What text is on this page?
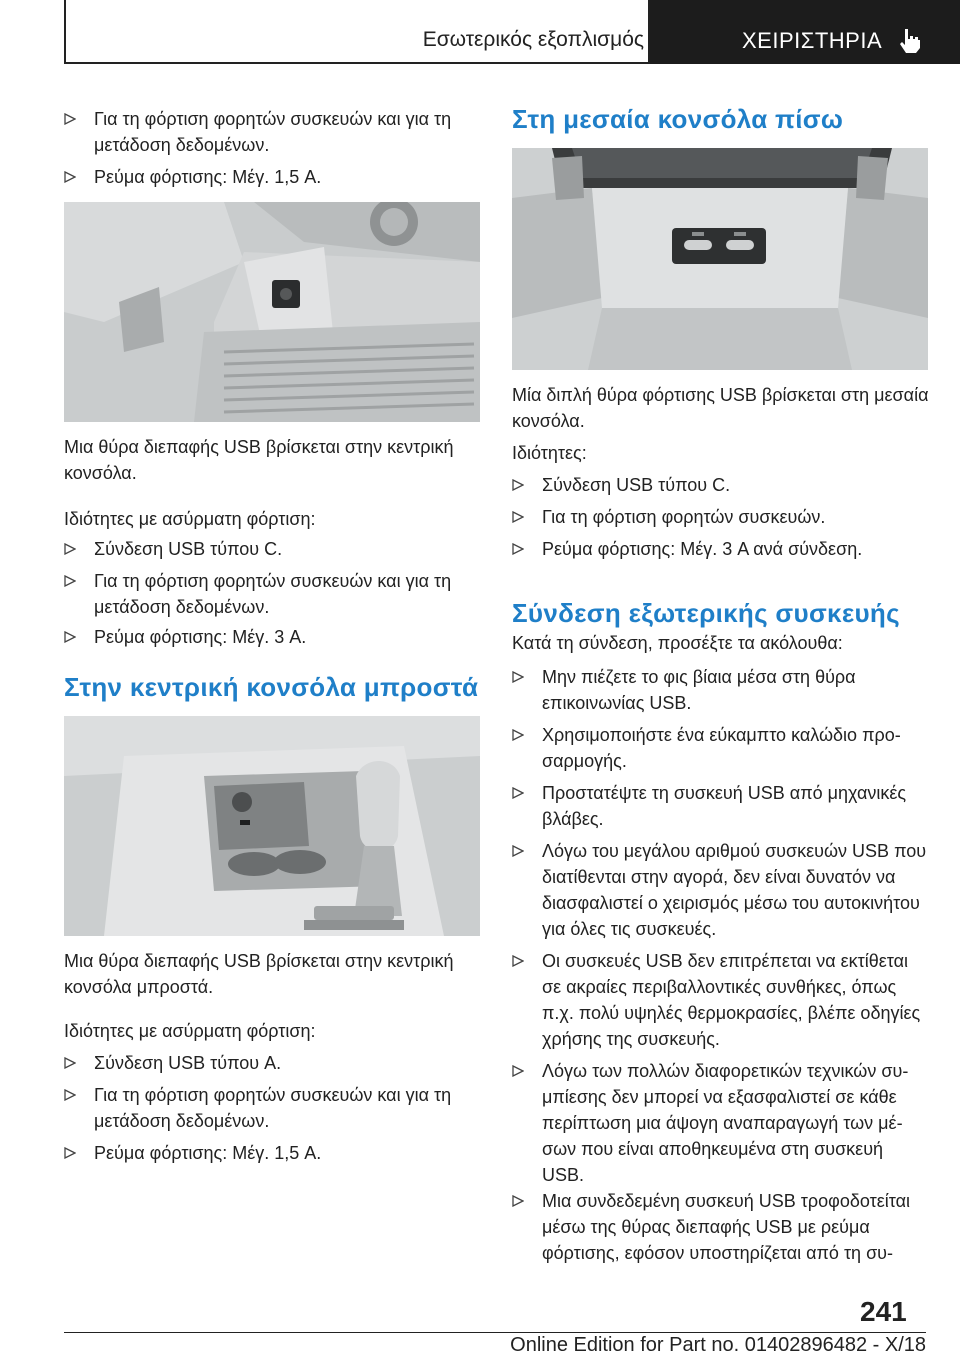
Εσωτερικός εξοπλισμός	ΧΕΙΡΙΣΤΗΡΙΑ
Για τη φόρτιση φορητών συσκευών και για τη μετάδοση δεδομένων.
Ρεύμα φόρτισης: Μέγ. 1,5 A.
Μια θύρα διεπαφής USB βρίσκεται στην κεντρική κονσόλα.
Ιδιότητες με ασύρματη φόρτιση:
Σύνδεση USB τύπου C.
Για τη φόρτιση φορητών συσκευών και για τη μετάδοση δεδομένων.
Ρεύμα φόρτισης: Μέγ. 3 A.
Στην κεντρική κονσόλα μπροστά
Μια θύρα διεπαφής USB βρίσκεται στην κεντρική κονσόλα μπροστά.
Ιδιότητες με ασύρματη φόρτιση:
Σύνδεση USB τύπου A.
Για τη φόρτιση φορητών συσκευών και για τη μετάδοση δεδομένων.
Ρεύμα φόρτισης: Μέγ. 1,5 A.
Στη μεσαία κονσόλα πίσω
Μία διπλή θύρα φόρτισης USB βρίσκεται στη μεσαία κονσόλα.
Ιδιότητες:
Σύνδεση USB τύπου C.
Για τη φόρτιση φορητών συσκευών.
Ρεύμα φόρτισης: Μέγ. 3 A ανά σύνδεση.
Σύνδεση εξωτερικής συσκευής
Κατά τη σύνδεση, προσέξτε τα ακόλουθα:
Μην πιέζετε το φις βίαια μέσα στη θύρα επικοινωνίας USB.
Χρησιμοποιήστε ένα εύκαμπτο καλώδιο προσαρμογής.
Προστατέψτε τη συσκευή USB από μηχανικές βλάβες.
Λόγω του μεγάλου αριθμού συσκευών USB που διατίθενται στην αγορά, δεν είναι δυνατόν να διασφαλιστεί ο χειρισμός μέσω του αυτοκινήτου για όλες τις συσκευές.
Οι συσκευές USB δεν επιτρέπεται να εκτίθεται σε ακραίες περιβαλλοντικές συνθήκες, όπως π.χ. πολύ υψηλές θερμοκρασίες, βλέπε οδηγίες χρήσης της συσκευής.
Λόγω των πολλών διαφορετικών τεχνικών συμπίεσης δεν μπορεί να εξασφαλιστεί σε κάθε περίπτωση μια άψογη αναπαραγωγή των μέσων που είναι αποθηκευμένα στη συσκευή USB.
Μια συνδεδεμένη συσκευή USB τροφοδοτείται μέσω της θύρας διεπαφής USB με ρεύμα φόρτισης, εφόσον υποστηρίζεται από τη συ-
241
Online Edition for Part no. 01402896482 - X/18
